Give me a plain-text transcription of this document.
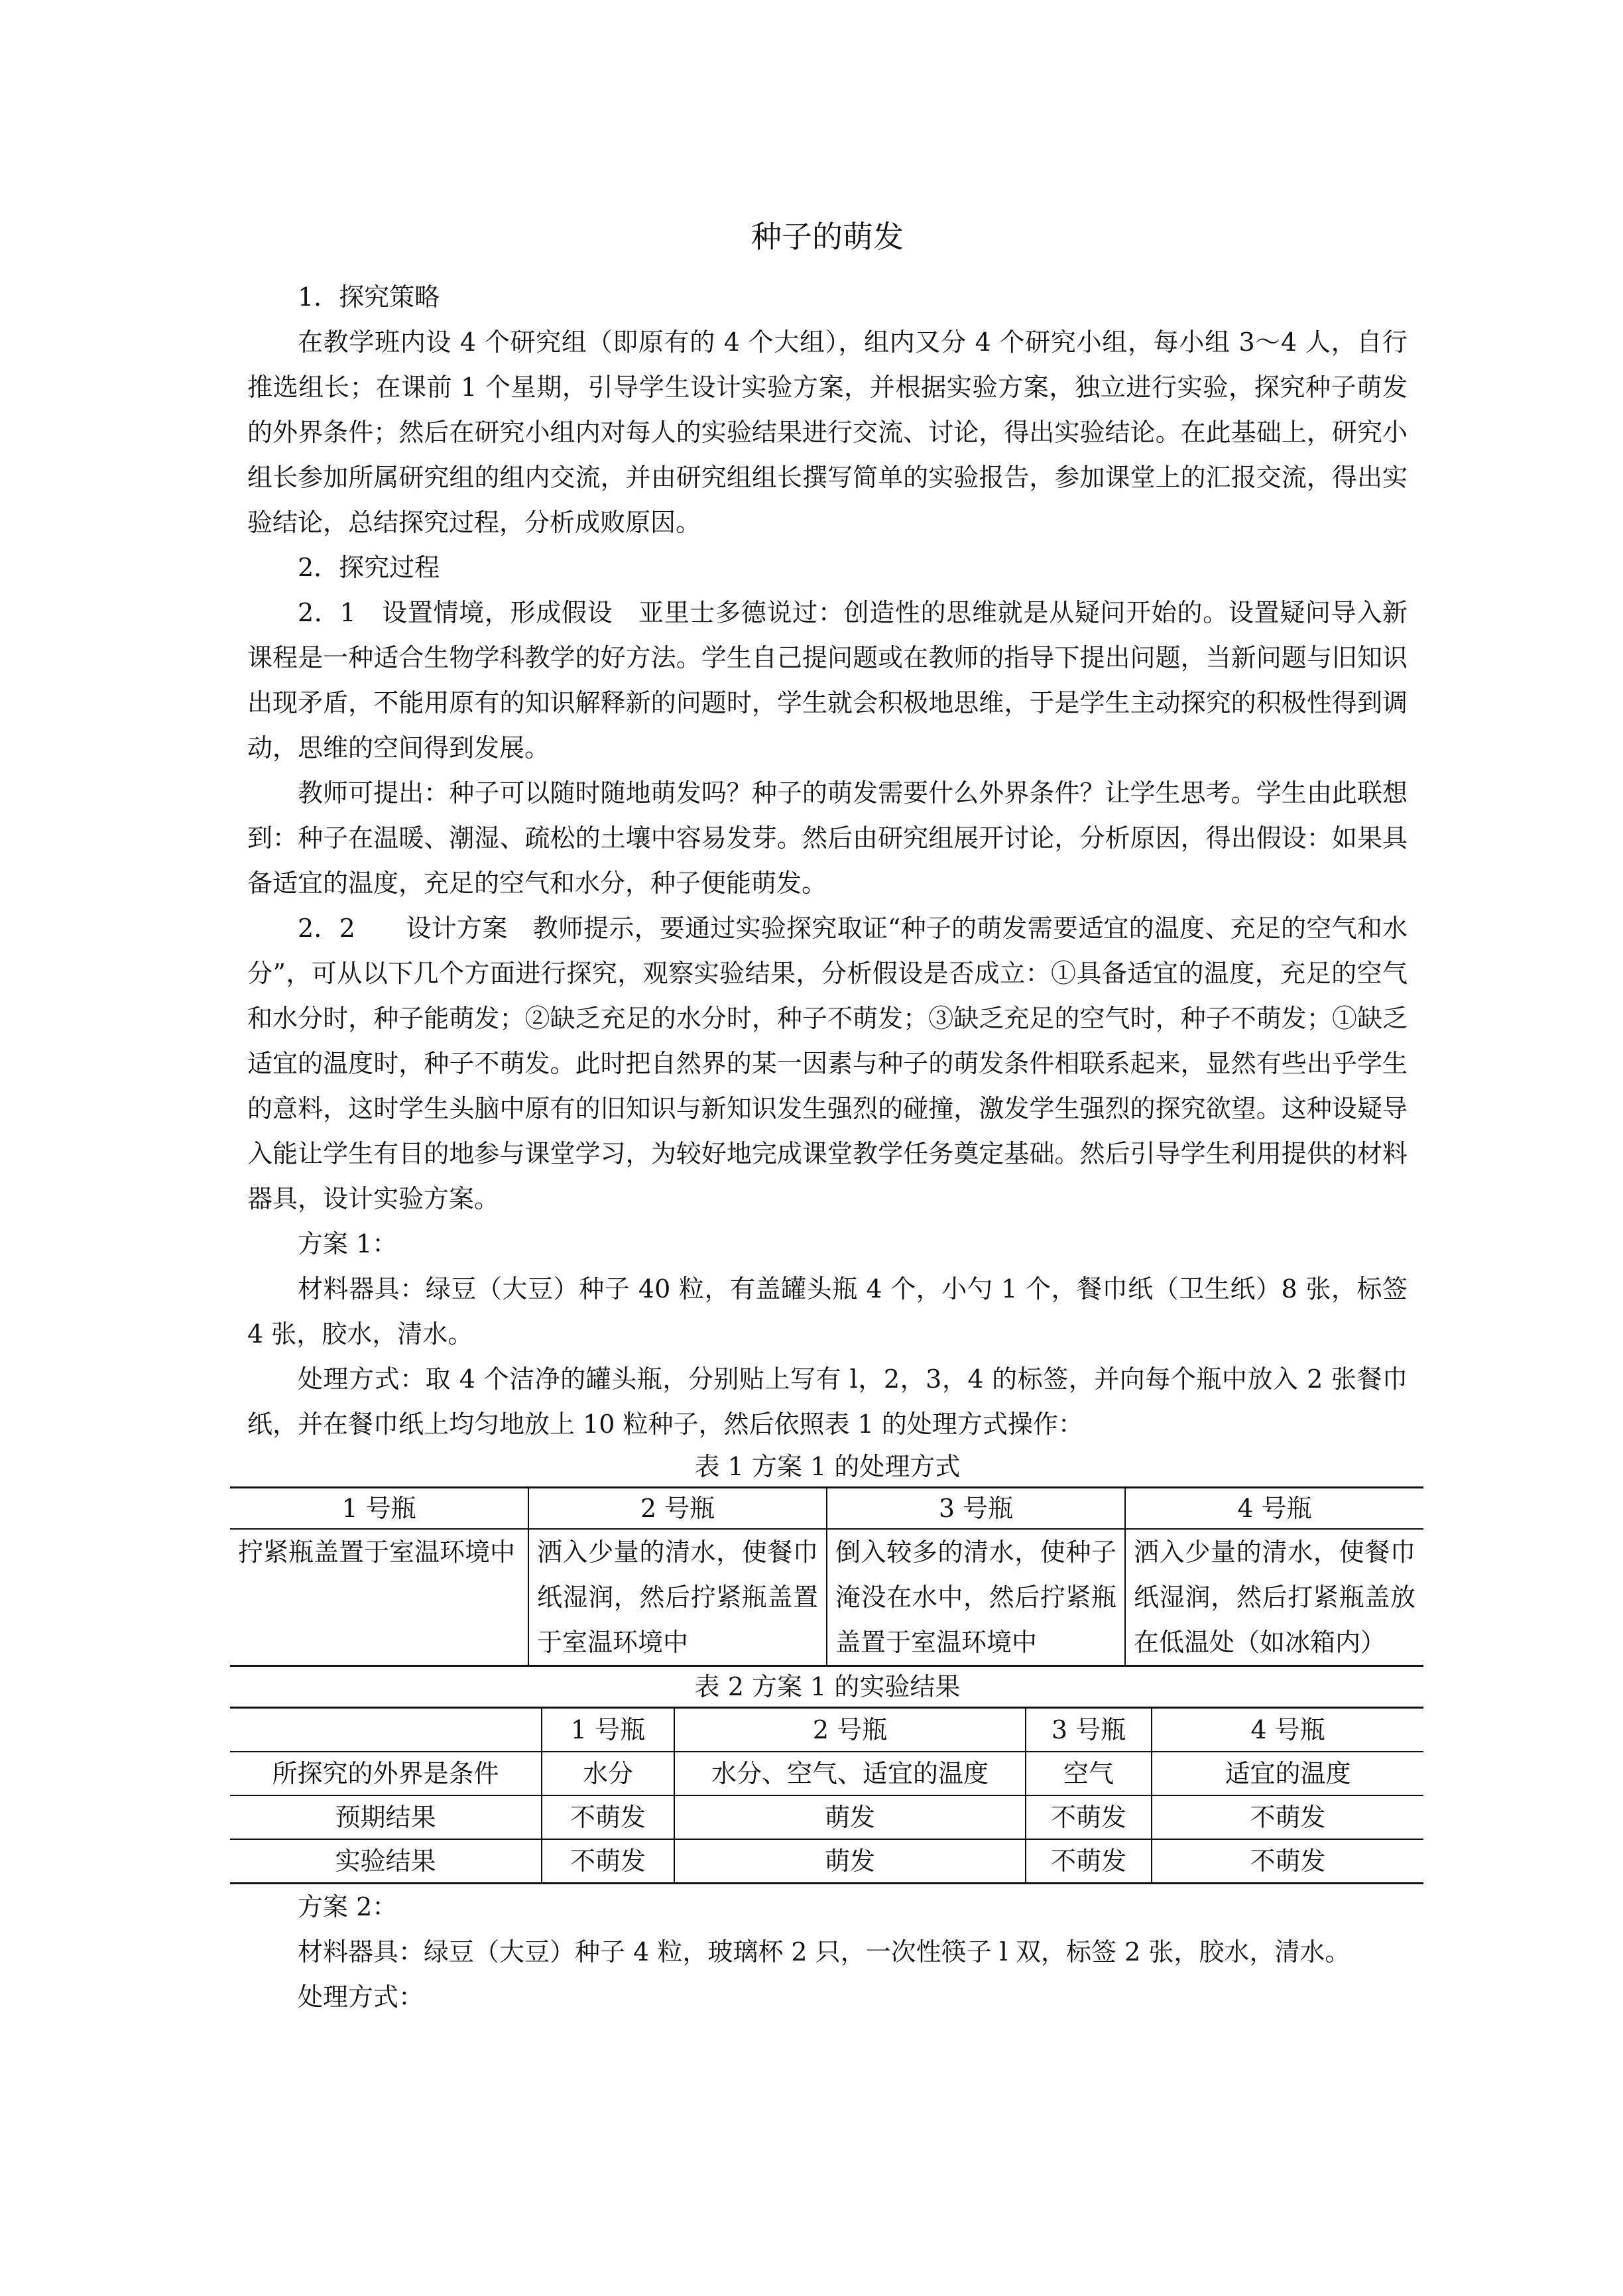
种子的萌发

1．探究策略

在教学班内设 4 个研究组（即原有的 4 个大组），组内又分 4 个研究小组，每小组 3～4 人，自行推选组长；在课前 1 个星期，引导学生设计实验方案，并根据实验方案，独立进行实验，探究种子萌发的外界条件；然后在研究小组内对每人的实验结果进行交流、讨论，得出实验结论。在此基础上，研究小组长参加所属研究组的组内交流，并由研究组组长撰写简单的实验报告，参加课堂上的汇报交流，得出实验结论，总结探究过程，分析成败原因。

2．探究过程

2．1　设置情境，形成假设　亚里士多德说过：创造性的思维就是从疑问开始的。设置疑问导入新课程是一种适合生物学科教学的好方法。学生自己提问题或在教师的指导下提出问题，当新问题与旧知识出现矛盾，不能用原有的知识解释新的问题时，学生就会积极地思维，于是学生主动探究的积极性得到调动，思维的空间得到发展。

教师可提出：种子可以随时随地萌发吗？种子的萌发需要什么外界条件？让学生思考。学生由此联想到：种子在温暖、潮湿、疏松的土壤中容易发芽。然后由研究组展开讨论，分析原因，得出假设：如果具备适宜的温度，充足的空气和水分，种子便能萌发。

2．2　　设计方案　教师提示，要通过实验探究取证“种子的萌发需要适宜的温度、充足的空气和水分”，可从以下几个方面进行探究，观察实验结果，分析假设是否成立：①具备适宜的温度，充足的空气和水分时，种子能萌发；②缺乏充足的水分时，种子不萌发；③缺乏充足的空气时，种子不萌发；①缺乏适宜的温度时，种子不萌发。此时把自然界的某一因素与种子的萌发条件相联系起来，显然有些出乎学生的意料，这时学生头脑中原有的旧知识与新知识发生强烈的碰撞，激发学生强烈的探究欲望。这种设疑导入能让学生有目的地参与课堂学习，为较好地完成课堂教学任务奠定基础。然后引导学生利用提供的材料器具，设计实验方案。

方案 1：

材料器具：绿豆（大豆）种子 40 粒，有盖罐头瓶 4 个，小勺 1 个，餐巾纸（卫生纸）8 张，标签 4 张，胶水，清水。

处理方式：取 4 个洁净的罐头瓶，分别贴上写有 l，2，3，4 的标签，并向每个瓶中放入 2 张餐巾纸，并在餐巾纸上均匀地放上 10 粒种子，然后依照表 1 的处理方式操作：

表 1 方案 1 的处理方式
1 号瓶	2 号瓶	3 号瓶	4 号瓶
拧紧瓶盖置于室温环境中	洒入少量的清水，使餐巾纸湿润，然后拧紧瓶盖置于室温环境中	倒入较多的清水，使种子淹没在水中，然后拧紧瓶盖置于室温环境中	洒入少量的清水，使餐巾纸湿润，然后打紧瓶盖放在低温处（如冰箱内）
表 2 方案 1 的实验结果
	1 号瓶	2 号瓶	3 号瓶	4 号瓶
所探究的外界是条件	水分	水分、空气、适宜的温度	空气	适宜的温度
预期结果	不萌发	萌发	不萌发	不萌发
实验结果	不萌发	萌发	不萌发	不萌发

方案 2：

材料器具：绿豆（大豆）种子 4 粒，玻璃杯 2 只，一次性筷子 l 双，标签 2 张，胶水，清水。

处理方式：
